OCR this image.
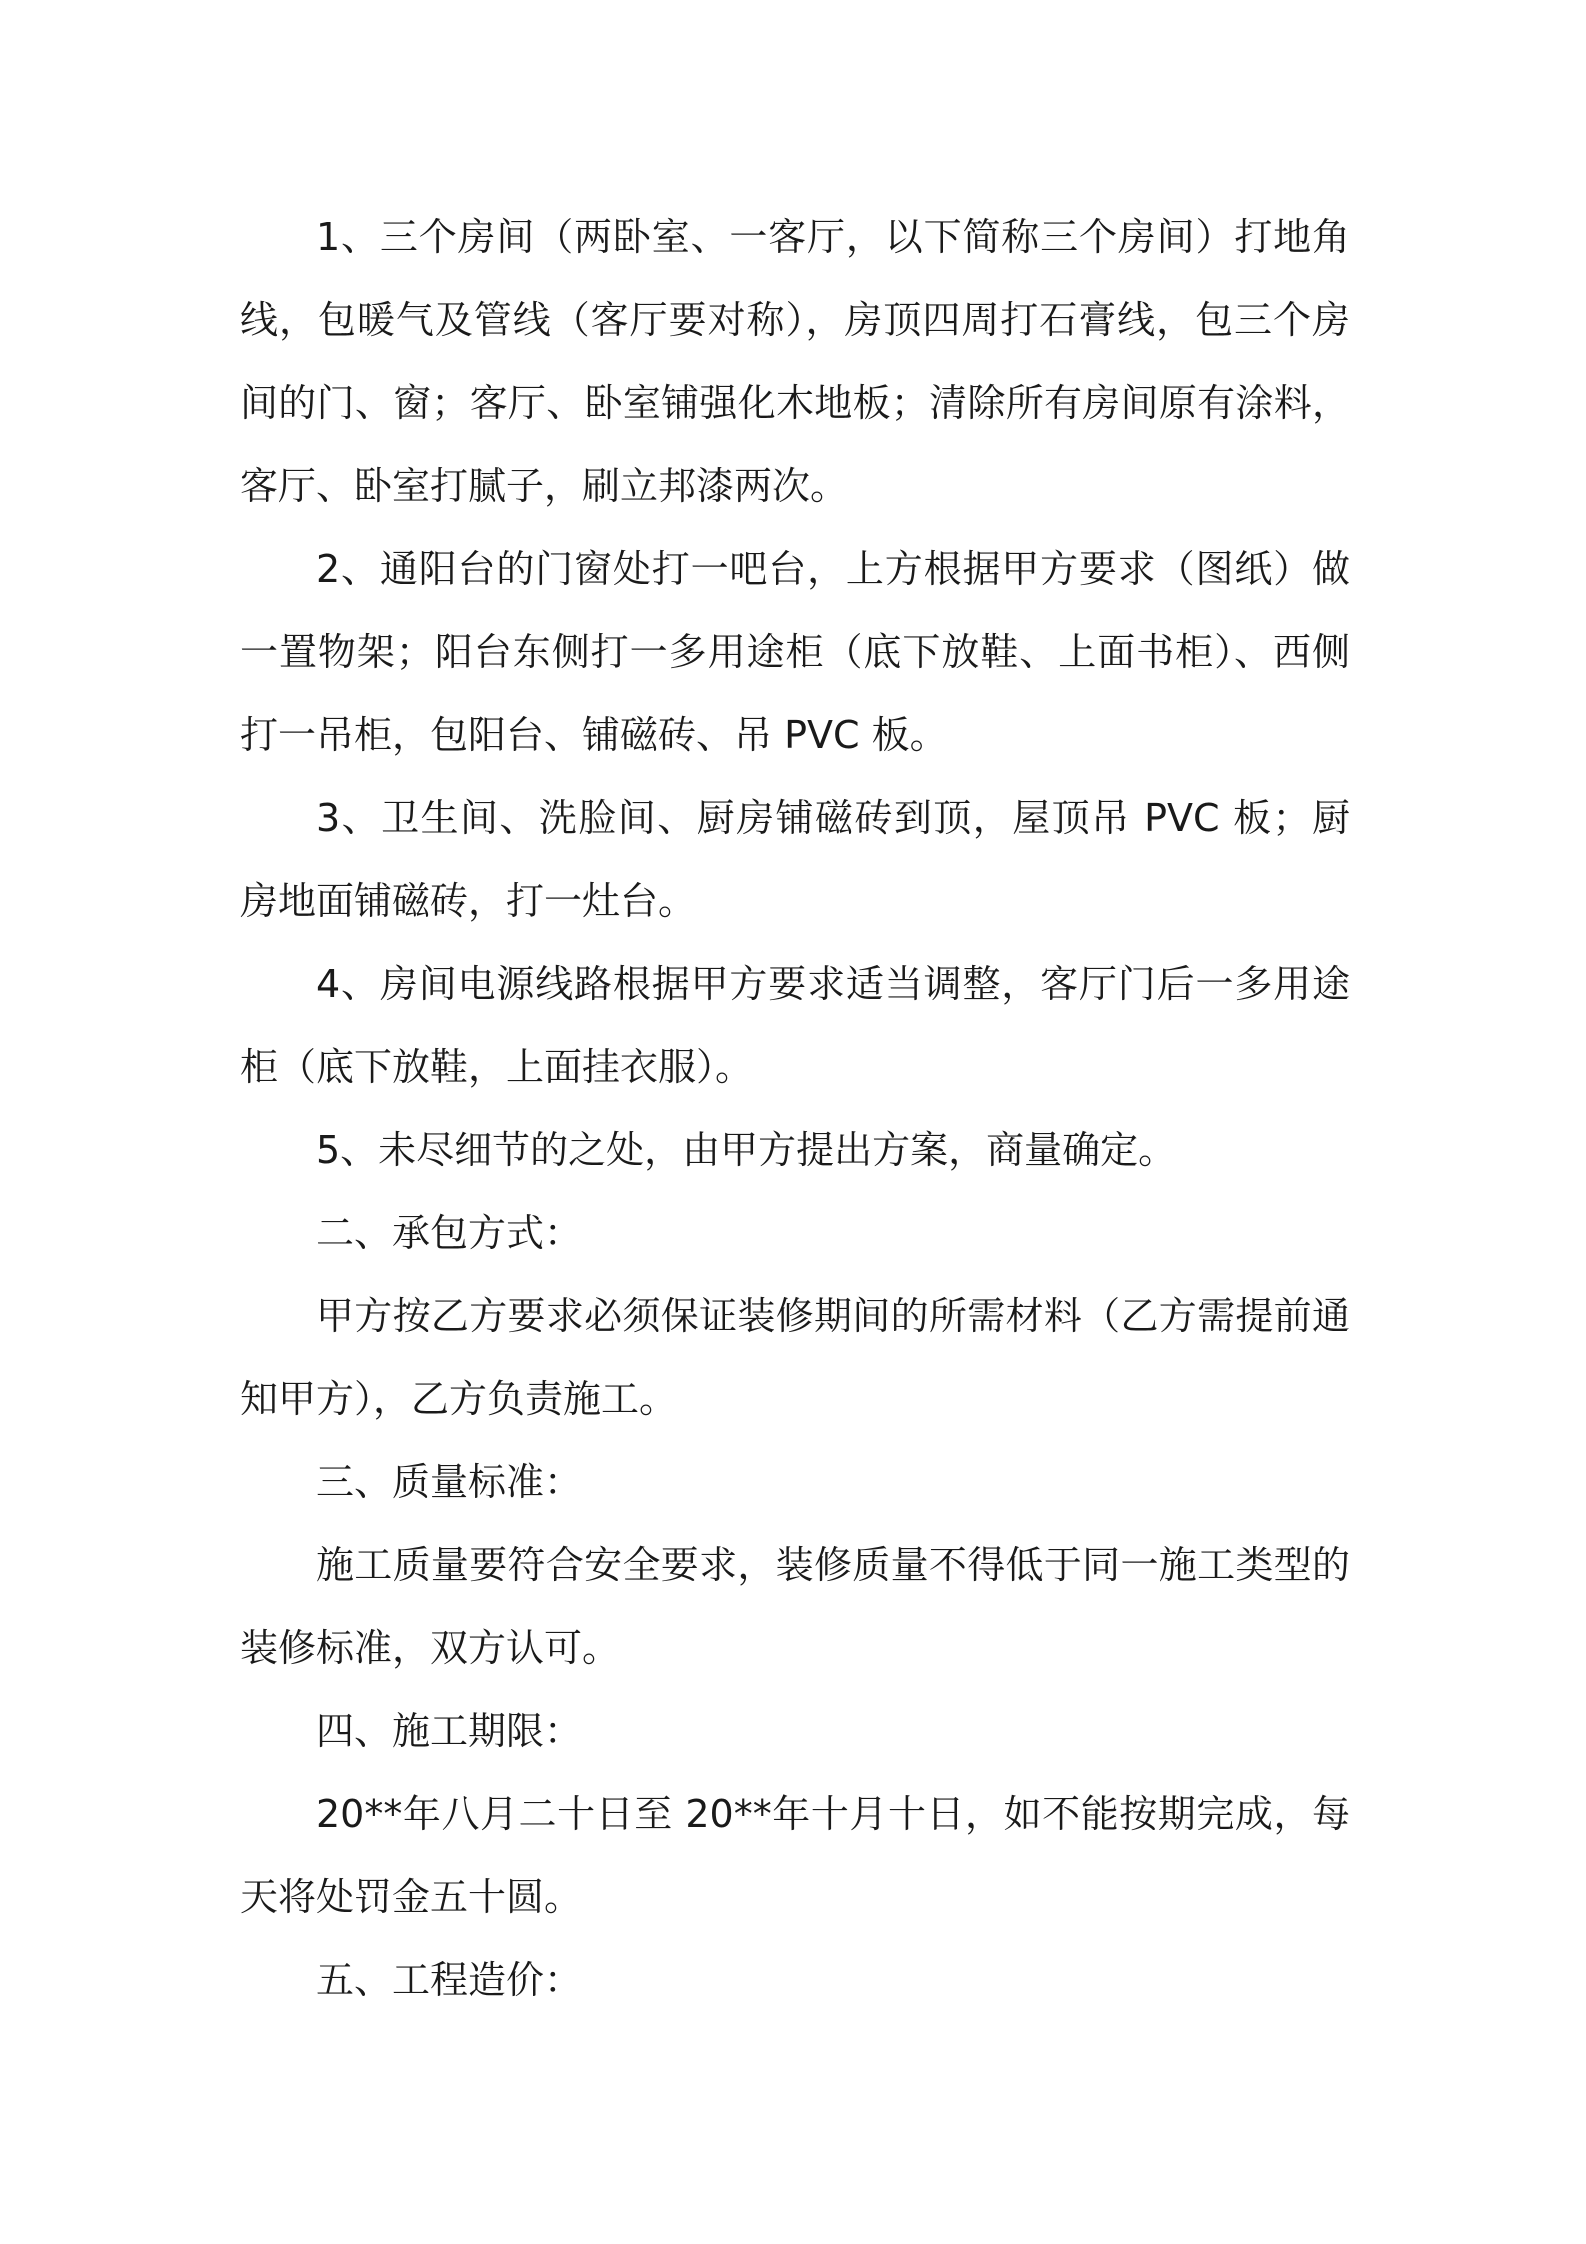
1、三个房间（两卧室、一客厅，以下简称三个房间）打地角线，包暖气及管线（客厅要对称），房顶四周打石膏线，包三个房间的门、窗；客厅、卧室铺强化木地板；清除所有房间原有涂料，客厅、卧室打腻子，刷立邦漆两次。

2、通阳台的门窗处打一吧台，上方根据甲方要求（图纸）做一置物架；阳台东侧打一多用途柜（底下放鞋、上面书柜）、西侧打一吊柜，包阳台、铺磁砖、吊 PVC 板。

3、卫生间、洗脸间、厨房铺磁砖到顶，屋顶吊 PVC 板；厨房地面铺磁砖，打一灶台。

4、房间电源线路根据甲方要求适当调整，客厅门后一多用途柜（底下放鞋，上面挂衣服）。

5、未尽细节的之处，由甲方提出方案，商量确定。

二、承包方式：

甲方按乙方要求必须保证装修期间的所需材料（乙方需提前通知甲方），乙方负责施工。

三、质量标准：

施工质量要符合安全要求，装修质量不得低于同一施工类型的装修标准，双方认可。

四、施工期限：

20**年八月二十日至 20**年十月十日，如不能按期完成，每天将处罚金五十圆。

五、工程造价：
